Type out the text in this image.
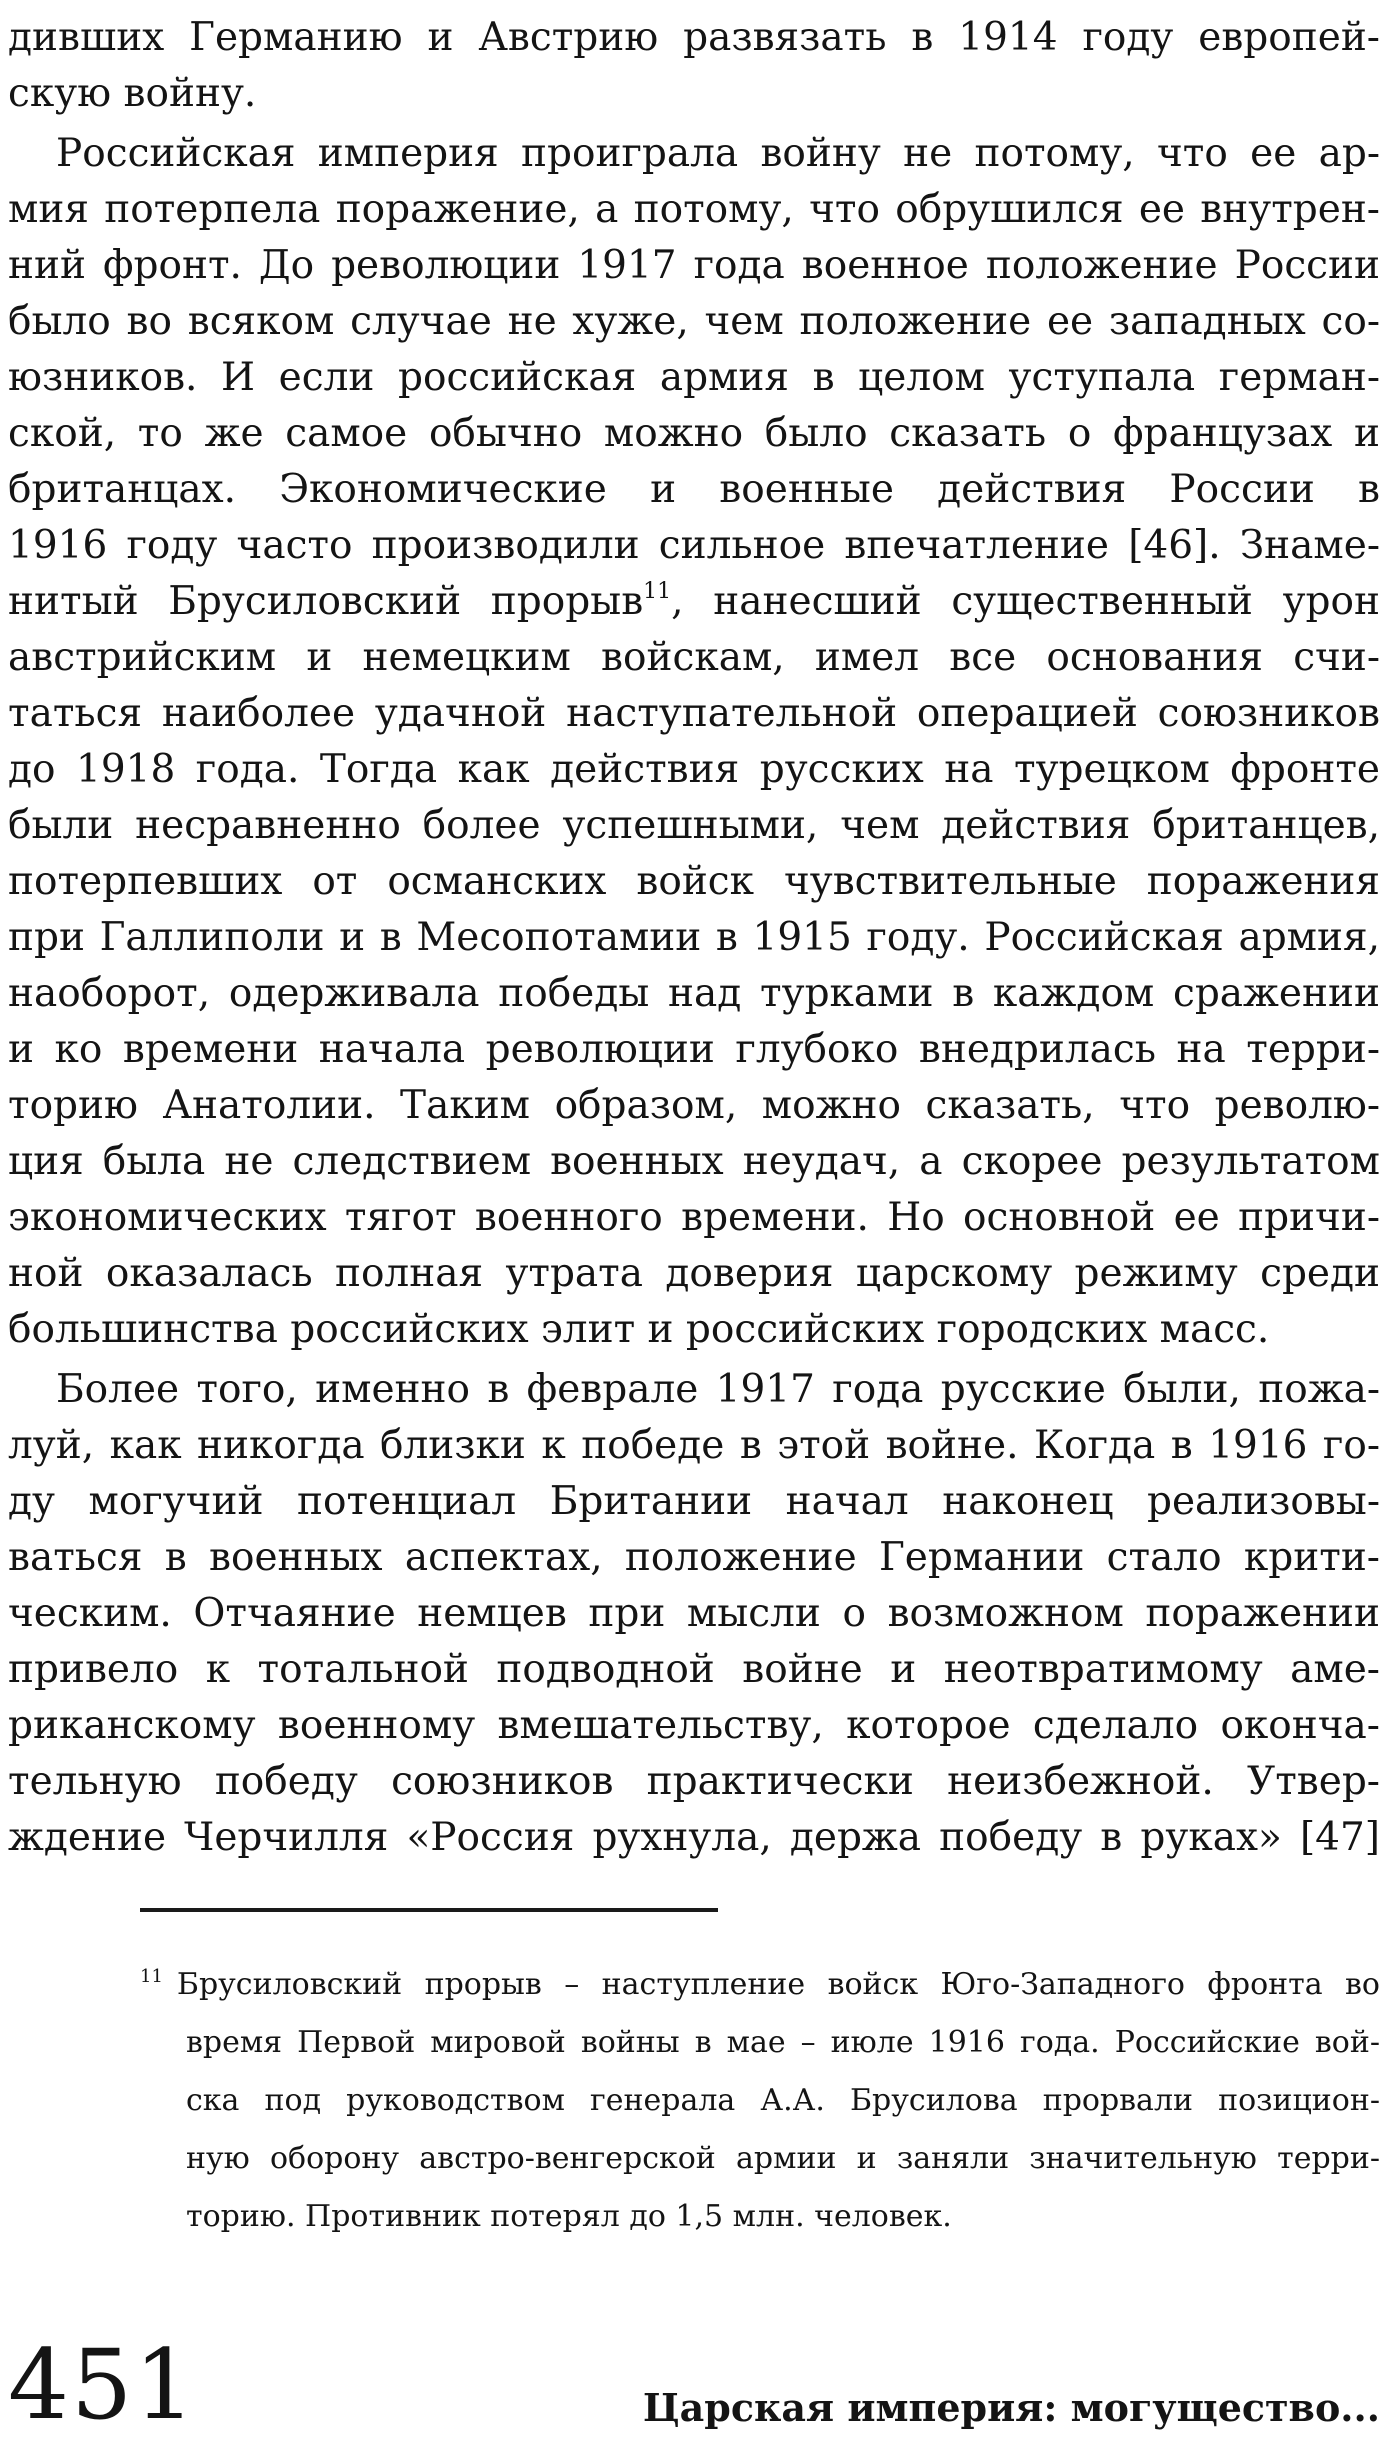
дивших Германию и Австрию развязать в 1914 году европей-
скую войну.
Российская империя проиграла войну не потому, что ее ар-
мия потерпела поражение, а потому, что обрушился ее внутрен-
ний фронт. До революции 1917 года военное положение России
было во всяком случае не хуже, чем положение ее западных со-
юзников. И если российская армия в целом уступала герман-
ской, то же самое обычно можно было сказать о французах и
британцах. Экономические и военные действия России в
1916 году часто производили сильное впечатление [46]. Знаме-
нитый Брусиловский прорыв$^{11}$, нанесший существенный урон
австрийским и немецким войскам, имел все основания счи-
таться наиболее удачной наступательной операцией союзников
до 1918 года. Тогда как действия русских на турецком фронте
были несравненно более успешными, чем действия британцев,
потерпевших от османских войск чувствительные поражения
при Галлиполи и в Месопотамии в 1915 году. Российская армия,
наоборот, одерживала победы над турками в каждом сражении
и ко времени начала революции глубоко внедрилась на терри-
торию Анатолии. Таким образом, можно сказать, что револю-
ция была не следствием военных неудач, а скорее результатом
экономических тягот военного времени. Но основной ее причи-
ной оказалась полная утрата доверия царскому режиму среди
большинства российских элит и российских городских масс.
Более того, именно в феврале 1917 года русские были, пожа-
луй, как никогда близки к победе в этой войне. Когда в 1916 го-
ду могучий потенциал Британии начал наконец реализовы-
ваться в военных аспектах, положение Германии стало крити-
ческим. Отчаяние немцев при мысли о возможном поражении
привело к тотальной подводной войне и неотвратимому аме-
риканскому военному вмешательству, которое сделало оконча-
тельную победу союзников практически неизбежной. Утвер-
ждение Черчилля «Россия рухнула, держа победу в руках» [47]
$^{11}$ Брусиловский прорыв – наступление войск Юго-Западного фронта во
время Первой мировой войны в мае – июле 1916 года. Российские вой-
ска под руководством генерала А.А. Брусилова прорвали позицион-
ную оборону австро-венгерской армии и заняли значительную терри-
торию. Противник потерял до 1,5 млн. человек.
451	Царская империя: могущество...
